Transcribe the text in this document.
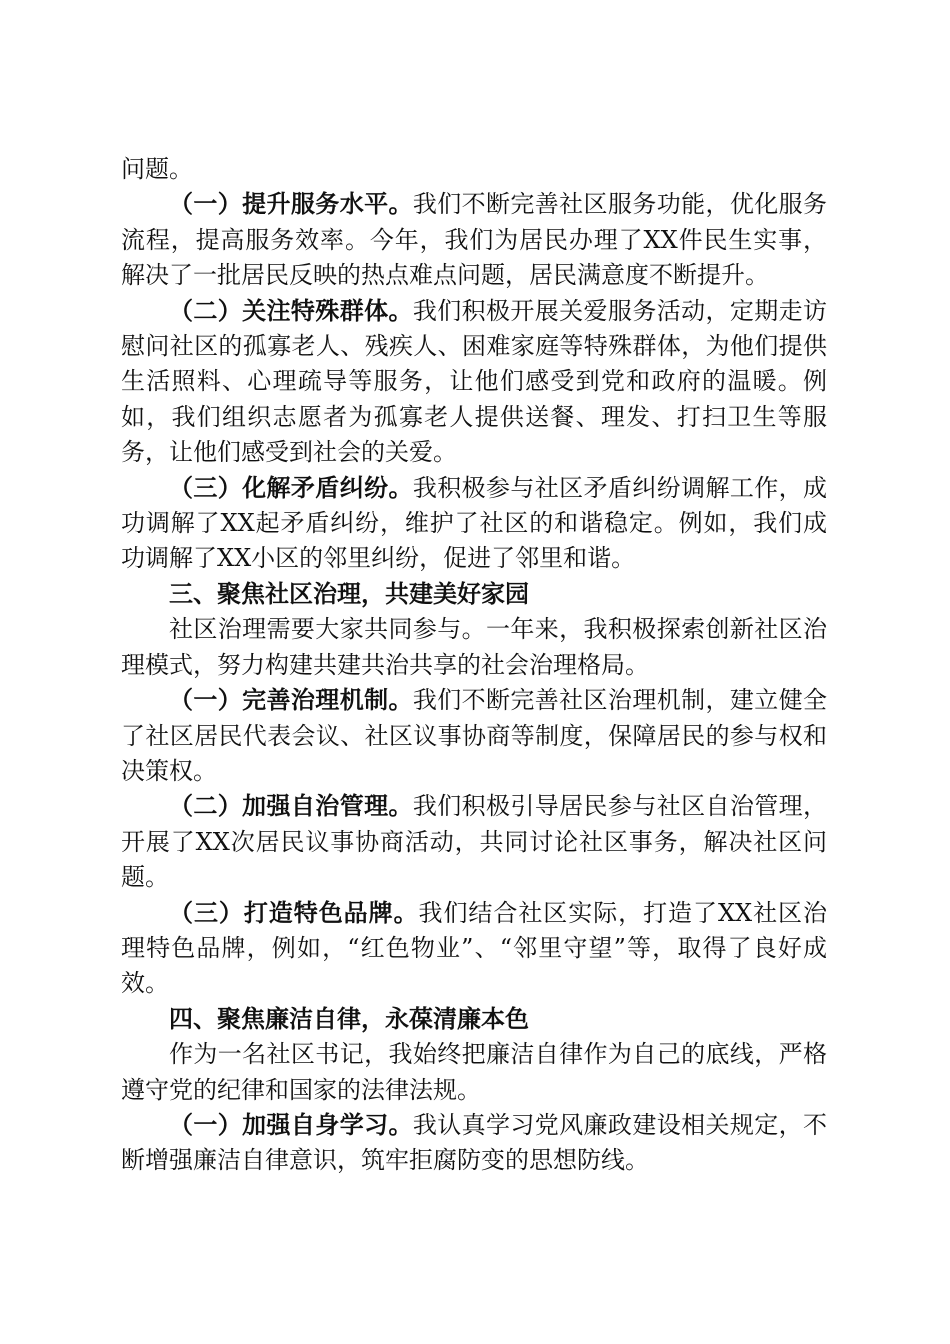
问题。

（一）提升服务水平。我们不断完善社区服务功能，优化服务流程，提高服务效率。今年，我们为居民办理了XX件民生实事，解决了一批居民反映的热点难点问题，居民满意度不断提升。

（二）关注特殊群体。我们积极开展关爱服务活动，定期走访慰问社区的孤寡老人、残疾人、困难家庭等特殊群体，为他们提供生活照料、心理疏导等服务，让他们感受到党和政府的温暖。例如，我们组织志愿者为孤寡老人提供送餐、理发、打扫卫生等服务，让他们感受到社会的关爱。

（三）化解矛盾纠纷。我积极参与社区矛盾纠纷调解工作，成功调解了XX起矛盾纠纷，维护了社区的和谐稳定。例如，我们成功调解了XX小区的邻里纠纷，促进了邻里和谐。

三、聚焦社区治理，共建美好家园

社区治理需要大家共同参与。一年来，我积极探索创新社区治理模式，努力构建共建共治共享的社会治理格局。

（一）完善治理机制。我们不断完善社区治理机制，建立健全了社区居民代表会议、社区议事协商等制度，保障居民的参与权和决策权。

（二）加强自治管理。我们积极引导居民参与社区自治管理，开展了XX次居民议事协商活动，共同讨论社区事务，解决社区问题。

（三）打造特色品牌。我们结合社区实际，打造了XX社区治理特色品牌，例如，“红色物业”、“邻里守望”等，取得了良好成效。

四、聚焦廉洁自律，永葆清廉本色

作为一名社区书记，我始终把廉洁自律作为自己的底线，严格遵守党的纪律和国家的法律法规。

（一）加强自身学习。我认真学习党风廉政建设相关规定，不断增强廉洁自律意识，筑牢拒腐防变的思想防线。
